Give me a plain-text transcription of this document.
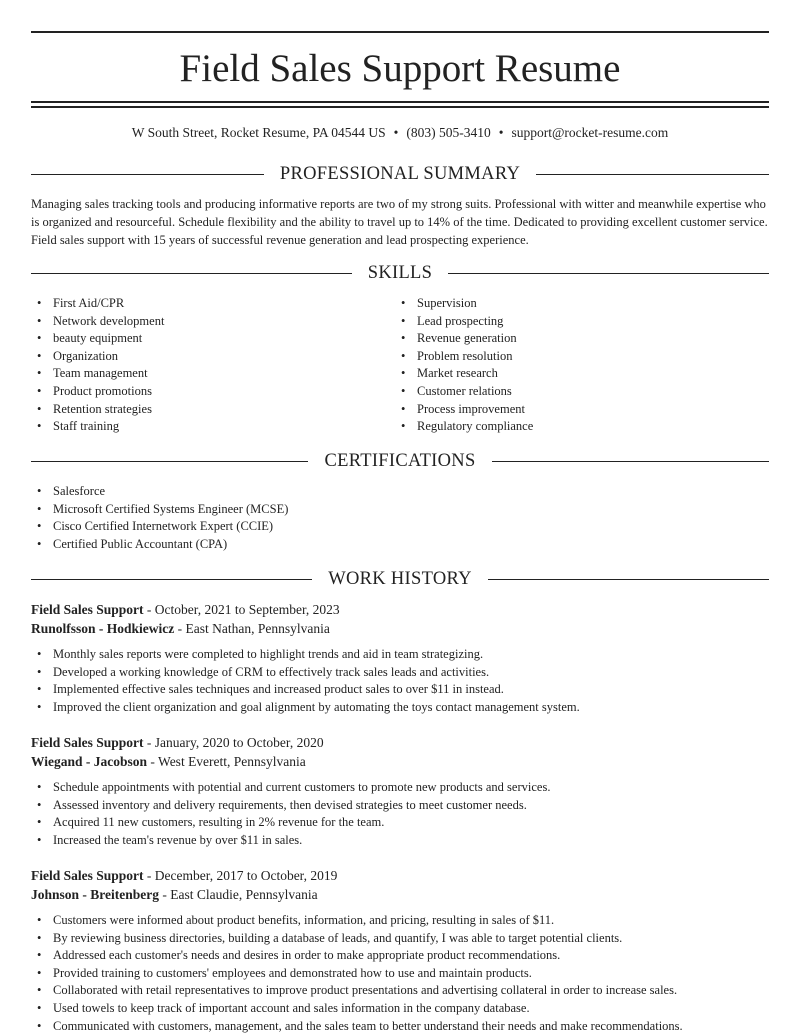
Field Sales Support Resume
W South Street, Rocket Resume, PA 04544 US • (803) 505-3410 • support@rocket-resume.com
PROFESSIONAL SUMMARY
Managing sales tracking tools and producing informative reports are two of my strong suits. Professional with witter and meanwhile expertise who is organized and resourceful. Schedule flexibility and the ability to travel up to 14% of the time. Dedicated to providing excellent customer service. Field sales support with 15 years of successful revenue generation and lead prospecting experience.
SKILLS
• First Aid/CPR
• Network development
• beauty equipment
• Organization
• Team management
• Product promotions
• Retention strategies
• Staff training
• Supervision
• Lead prospecting
• Revenue generation
• Problem resolution
• Market research
• Customer relations
• Process improvement
• Regulatory compliance
CERTIFICATIONS
• Salesforce
• Microsoft Certified Systems Engineer (MCSE)
• Cisco Certified Internetwork Expert (CCIE)
• Certified Public Accountant (CPA)
WORK HISTORY
Field Sales Support - October, 2021 to September, 2023
Runolfsson - Hodkiewicz - East Nathan, Pennsylvania
• Monthly sales reports were completed to highlight trends and aid in team strategizing.
• Developed a working knowledge of CRM to effectively track sales leads and activities.
• Implemented effective sales techniques and increased product sales to over $11 in instead.
• Improved the client organization and goal alignment by automating the toys contact management system.
Field Sales Support - January, 2020 to October, 2020
Wiegand - Jacobson - West Everett, Pennsylvania
• Schedule appointments with potential and current customers to promote new products and services.
• Assessed inventory and delivery requirements, then devised strategies to meet customer needs.
• Acquired 11 new customers, resulting in 2% revenue for the team.
• Increased the team's revenue by over $11 in sales.
Field Sales Support - December, 2017 to October, 2019
Johnson - Breitenberg - East Claudie, Pennsylvania
• Customers were informed about product benefits, information, and pricing, resulting in sales of $11.
• By reviewing business directories, building a database of leads, and quantify, I was able to target potential clients.
• Addressed each customer's needs and desires in order to make appropriate product recommendations.
• Provided training to customers' employees and demonstrated how to use and maintain products.
• Collaborated with retail representatives to improve product presentations and advertising collateral in order to increase sales.
• Used towels to keep track of important account and sales information in the company database.
• Communicated with customers, management, and the sales team to better understand their needs and make recommendations.
